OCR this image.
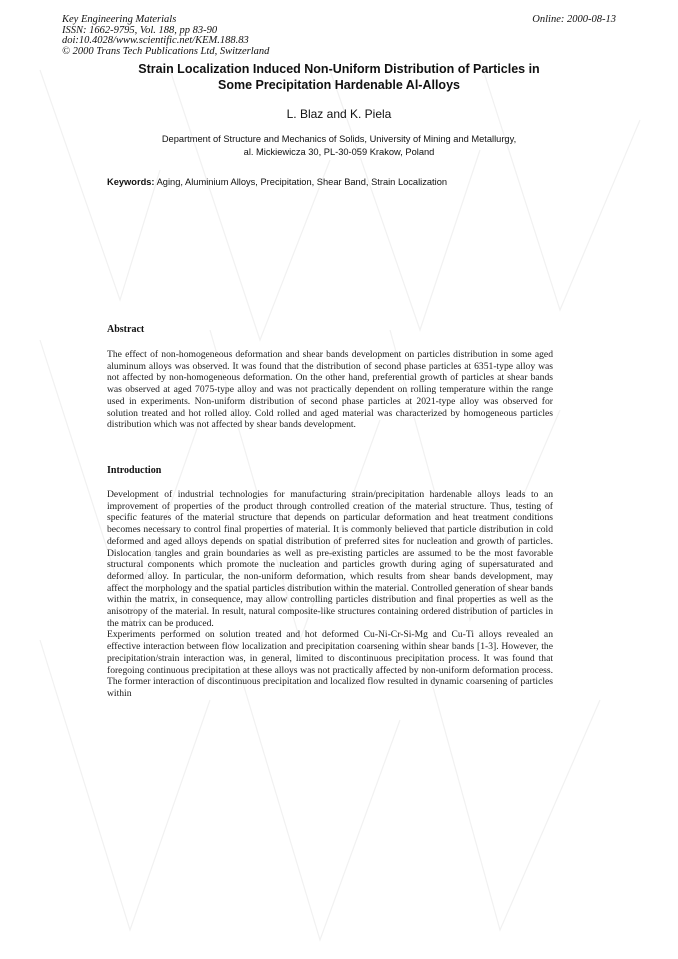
Key Engineering Materials
ISSN: 1662-9795, Vol. 188, pp 83-90
doi:10.4028/www.scientific.net/KEM.188.83
© 2000 Trans Tech Publications Ltd, Switzerland
Online: 2000-08-13
Strain Localization Induced Non-Uniform Distribution of Particles in
Some Precipitation Hardenable Al-Alloys
L. Blaz and K. Piela
Department of Structure and Mechanics of Solids, University of Mining and Metallurgy,
al. Mickiewicza 30, PL-30-059 Krakow, Poland
Keywords: Aging, Aluminium Alloys, Precipitation, Shear Band, Strain Localization
Abstract

The effect of non-homogeneous deformation and shear bands development on particles distribution in some aged aluminum alloys was observed. It was found that the distribution of second phase particles at 6351-type alloy was not affected by non-homogeneous deformation. On the other hand, preferential growth of particles at shear bands was observed at aged 7075-type alloy and was not practically dependent on rolling temperature within the range used in experiments. Non-uniform distribution of second phase particles at 2021-type alloy was observed for solution treated and hot rolled alloy. Cold rolled and aged material was characterized by homogeneous particles distribution which was not affected by shear bands development.

Introduction

Development of industrial technologies for manufacturing strain/precipitation hardenable alloys leads to an improvement of properties of the product through controlled creation of the material structure. Thus, testing of specific features of the material structure that depends on particular deformation and heat treatment conditions becomes necessary to control final properties of material. It is commonly believed that particle distribution in cold deformed and aged alloys depends on spatial distribution of preferred sites for nucleation and growth of particles. Dislocation tangles and grain boundaries as well as pre-existing particles are assumed to be the most favorable structural components which promote the nucleation and particles growth during aging of supersaturated and deformed alloy. In particular, the non-uniform deformation, which results from shear bands development, may affect the morphology and the spatial particles distribution within the material. Controlled generation of shear bands within the matrix, in consequence, may allow controlling particles distribution and final properties as well as the anisotropy of the material. In result, natural composite-like structures containing ordered distribution of particles in the matrix can be produced.

Experiments performed on solution treated and hot deformed Cu-Ni-Cr-Si-Mg and Cu-Ti alloys revealed an effective interaction between flow localization and precipitation coarsening within shear bands [1-3]. However, the precipitation/strain interaction was, in general, limited to discontinuous precipitation process. It was found that foregoing continuous precipitation at these alloys was not practically affected by non-uniform deformation process. The former interaction of discontinuous precipitation and localized flow resulted in dynamic coarsening of particles within
